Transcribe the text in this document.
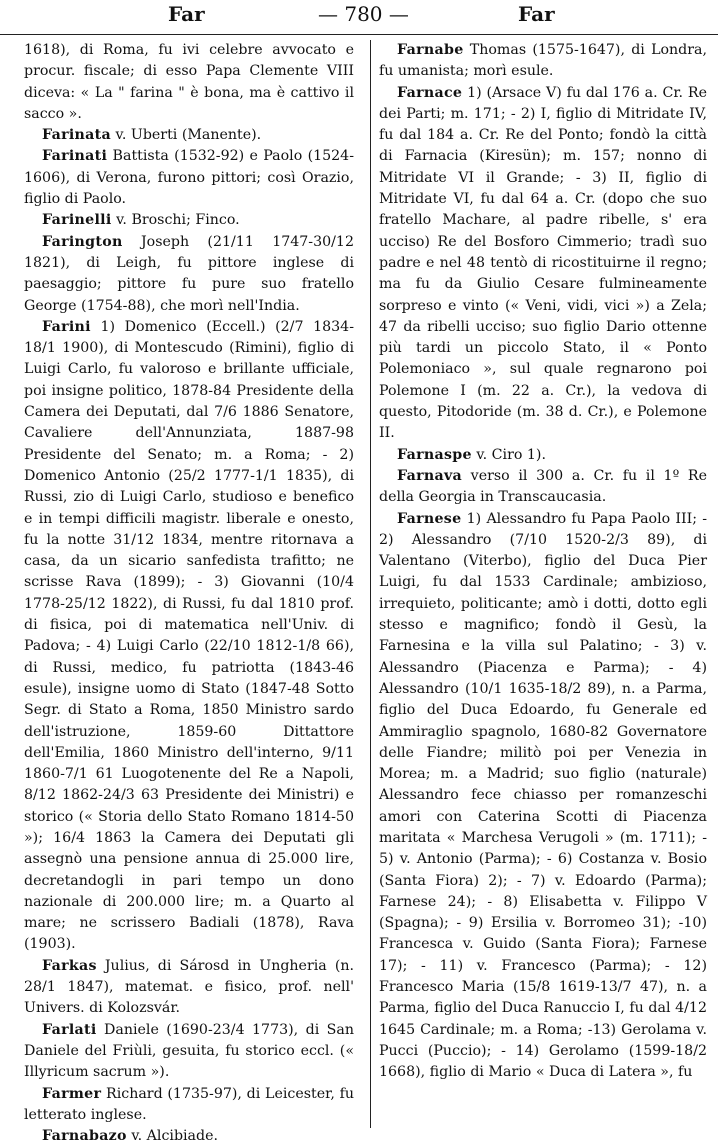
Far	— 780 —	Far

1618), di Roma, fu ivi celebre avvocato e procur. fiscale; di esso Papa Clemente VIII diceva: « La " farina " è bona, ma è cattivo il sacco ».

Farinata v. Uberti (Manente).

Farinati Battista (1532-92) e Paolo (1524-1606), di Verona, furono pittori; così Orazio, figlio di Paolo.

Farinelli v. Broschi; Finco.

Farington Joseph (21/11 1747-30/12 1821), di Leigh, fu pittore inglese di paesaggio; pittore fu pure suo fratello George (1754-88), che morì nell'India.

Farini 1) Domenico (Eccell.) (2/7 1834-18/1 1900), di Montescudo (Rimini), figlio di Luigi Carlo, fu valoroso e brillante ufficiale, poi insigne politico, 1878-84 Presidente della Camera dei Deputati, dal 7/6 1886 Senatore, Cavaliere dell'Annunziata, 1887-98 Presidente del Senato; m. a Roma; - 2) Domenico Antonio (25/2 1777-1/1 1835), di Russi, zio di Luigi Carlo, studioso e benefico e in tempi difficili magistr. liberale e onesto, fu la notte 31/12 1834, mentre ritornava a casa, da un sicario sanfedista trafitto; ne scrisse Rava (1899); - 3) Giovanni (10/4 1778-25/12 1822), di Russi, fu dal 1810 prof. di fisica, poi di matematica nell'Univ. di Padova; - 4) Luigi Carlo (22/10 1812-1/8 66), di Russi, medico, fu patriotta (1843-46 esule), insigne uomo di Stato (1847-48 Sotto Segr. di Stato a Roma, 1850 Ministro sardo dell'istruzione, 1859-60 Dittattore dell'Emilia, 1860 Ministro dell'interno, 9/11 1860-7/1 61 Luogotenente del Re a Napoli, 8/12 1862-24/3 63 Presidente dei Ministri) e storico (« Storia dello Stato Romano 1814-50 »); 16/4 1863 la Camera dei Deputati gli assegnò una pensione annua di 25.000 lire, decretandogli in pari tempo un dono nazionale di 200.000 lire; m. a Quarto al mare; ne scrissero Badiali (1878), Rava (1903).

Farkas Julius, di Sárosd in Ungheria (n. 28/1 1847), matemat. e fisico, prof. nell' Univers. di Kolozsvár.

Farlati Daniele (1690-23/4 1773), di San Daniele del Friùli, gesuita, fu storico eccl. (« Illyricum sacrum »).

Farmer Richard (1735-97), di Leicester, fu letterato inglese.

Farnabazo v. Alcibiade.

Farnabe Thomas (1575-1647), di Londra, fu umanista; morì esule.

Farnace 1) (Arsace V) fu dal 176 a. Cr. Re dei Parti; m. 171; - 2) I, figlio di Mitridate IV, fu dal 184 a. Cr. Re del Ponto; fondò la città di Farnacia (Kiresün); m. 157; nonno di Mitridate VI il Grande; - 3) II, figlio di Mitridate VI, fu dal 64 a. Cr. (dopo che suo fratello Machare, al padre ribelle, s' era ucciso) Re del Bosforo Cimmerio; tradì suo padre e nel 48 tentò di ricostituirne il regno; ma fu da Giulio Cesare fulmineamente sorpreso e vinto (« Veni, vidi, vici ») a Zela; 47 da ribelli ucciso; suo figlio Dario ottenne più tardi un piccolo Stato, il « Ponto Polemoniaco », sul quale regnarono poi Polemone I (m. 22 a. Cr.), la vedova di questo, Pitodoride (m. 38 d. Cr.), e Polemone II.

Farnaspe v. Ciro 1).

Farnava verso il 300 a. Cr. fu il 1º Re della Georgia in Transcaucasia.

Farnese 1) Alessandro fu Papa Paolo III; - 2) Alessandro (7/10 1520-2/3 89), di Valentano (Viterbo), figlio del Duca Pier Luigi, fu dal 1533 Cardinale; ambizioso, irrequieto, politicante; amò i dotti, dotto egli stesso e magnifico; fondò il Gesù, la Farnesina e la villa sul Palatino; - 3) v. Alessandro (Piacenza e Parma); - 4) Alessandro (10/1 1635-18/2 89), n. a Parma, figlio del Duca Edoardo, fu Generale ed Ammiraglio spagnolo, 1680-82 Governatore delle Fiandre; militò poi per Venezia in Morea; m. a Madrid; suo figlio (naturale) Alessandro fece chiasso per romanzeschi amori con Caterina Scotti di Piacenza maritata « Marchesa Verugoli » (m. 1711); - 5) v. Antonio (Parma); - 6) Costanza v. Bosio (Santa Fiora) 2); - 7) v. Edoardo (Parma); Farnese 24); - 8) Elisabetta v. Filippo V (Spagna); - 9) Ersilia v. Borromeo 31); -10) Francesca v. Guido (Santa Fiora); Farnese 17); - 11) v. Francesco (Parma); - 12) Francesco Maria (15/8 1619-13/7 47), n. a Parma, figlio del Duca Ranuccio I, fu dal 4/12 1645 Cardinale; m. a Roma; -13) Gerolama v. Pucci (Puccio); - 14) Gerolamo (1599-18/2 1668), figlio di Mario « Duca di Latera », fu
